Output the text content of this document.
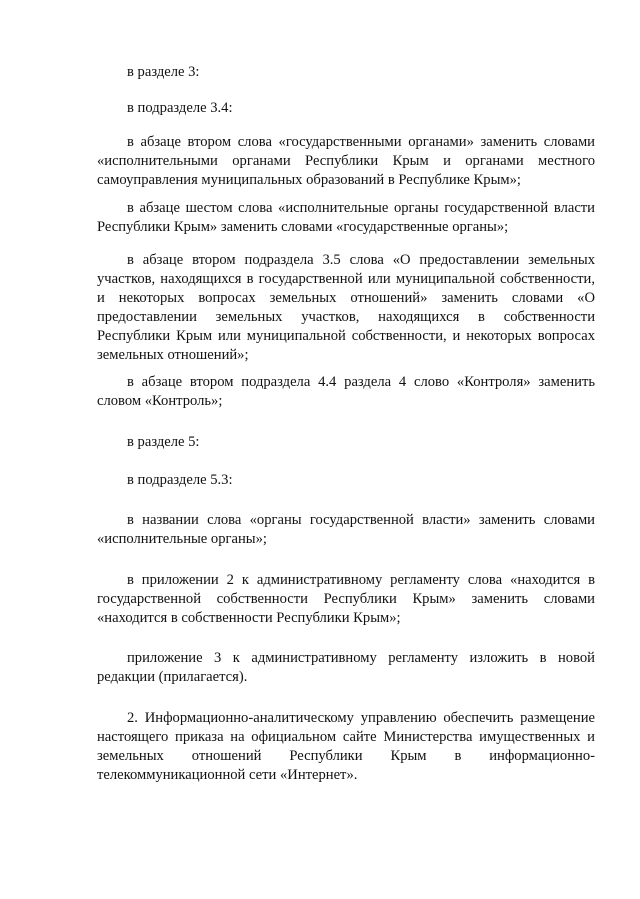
в разделе 3:

в подразделе 3.4:

в абзаце втором слова «государственными органами» заменить словами «исполнительными органами Республики Крым и органами местного самоуправления муниципальных образований в Республике Крым»;

в абзаце шестом слова «исполнительные органы государственной власти Республики Крым» заменить словами «государственные органы»;

в абзаце втором подраздела 3.5 слова «О предоставлении земельных участков, находящихся в государственной или муниципальной собственности, и некоторых вопросах земельных отношений» заменить словами «О предоставлении земельных участков, находящихся в собственности Республики Крым или муниципальной собственности, и некоторых вопросах земельных отношений»;

в абзаце втором подраздела 4.4 раздела 4 слово «Контроля» заменить словом «Контроль»;

в разделе 5:

в подразделе 5.3:

в названии слова «органы государственной власти» заменить словами «исполнительные органы»;

в приложении 2 к административному регламенту слова «находится в государственной собственности Республики Крым» заменить словами «находится в собственности Республики Крым»;

приложение 3 к административному регламенту изложить в новой редакции (прилагается).

2. Информационно-аналитическому управлению обеспечить размещение настоящего приказа на официальном сайте Министерства имущественных и земельных отношений Республики Крым в информационно-телекоммуникационной сети «Интернет».
